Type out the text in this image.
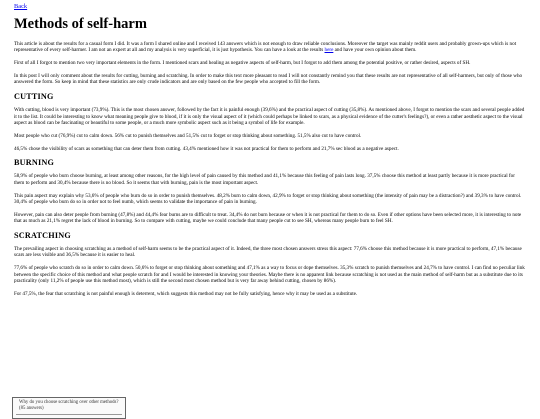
Back
Methods of self-harm

This article is about the results for a casual form I did. It was a form I shared online and I received 143 answers which is not enough to draw reliable conclusions. Moreover the target was mainly reddit users and probably grown-ups which is not representative of every self-harmer. I am not an expert at all and my analysis is very superficial, it is just hypothesis. You can have a look at the results here and have your own opinion about them.

First of all I forgot to mention two very important elements in the form. I mentioned scars and healing as negative aspects of self-harm, but I forgot to add them among the potential positive, or rather desired, aspects of SH.

In this post I will only comment about the results for cutting, burning and scratching. In order to make this text more pleasant to read I will not constantly remind you that these results are not representative of all self-harmers, but only of those who answered the form. So keep in mind that these statistics are only crude indicators and are only based on the few people who accepted to fill the form.

CUTTING

With cutting, blood is very important (73,9%). This is the most chosen answer, followed by the fact it is painful enough (39,6%) and the practical aspect of cutting (35,8%). As mentioned above, I forgot to mention the scars and several people added it to the list. It could be interesting to know what meaning people give to blood, if it is only the visual aspect of it (which could perhaps be linked to scars, as a physical evidence of the cutter's feelings?), or even a rather aesthetic aspect to the visual aspect as blood can be fascinating or beautiful to some people, or a much more symbolic aspect such as it being a symbol of life for example.

Most people who cut (76,9%) cut to calm down. 56% cut to punish themselves and 51,5% cut to forget or stop thinking about something. 51,5% also cut to have control.

46,5% chose the visibility of scars as something that can deter them from cutting. 43,4% mentioned how it was not practical for them to perform and 21,7% sec blood as a negative aspect.

BURNING

58,9% of people who burn choose burning, at least among other reasons, for the high level of pain caused by this method and 41,1% because this feeling of pain lasts long. 37,5% choose this method at least partly because it is more practical for them to perform and 30,4% because there is no blood. So it seems that with burning, pain is the most important aspect.

This pain aspect may explain why 53,6% of people who burn do so in order to punish themselves. 48,2% burn to calm down, 42,9% to forget or stop thinking about something (the intensity of pain may be a distraction?) and 39,3% to have control. 30,4% of people who burn do so in order not to feel numb, which seems to validate the importance of pain in burning.

However, pain can also deter people from burning (47,8%) and 44,4% fear burns are to difficult to treat. 34,4% do not burn because or when it is not practical for them to do so. Even if other options have been selected more, it is interesting to note that as much as 21,1% regret the lack of blood in burning. So to compare with cutting, maybe we could conclude that many people cut to see SH, whereas many people burn to feel SH.

SCRATCHING

The prevailing aspect in choosing scratching as a method of self-harm seems to be the practical aspect of it. Indeed, the three most chosen answers stress this aspect: 77,6% choose this method because it is more practical to perform, 47,1% because scars are less visible and 36,5% because it is easier to heal.

77,6% of people who scratch do so in order to calm down. 50,6% to forget or stop thinking about something and 47,1% as a way to focus or dope themselves. 35,3% scratch to punish themselves and 24,7% to have control. I can find no peculiar link between the specific choice of this method and what people scratch for and I would be interested in knowing your theories. Maybe there is no apparent link because scratching is not used as the main method of self-harm but as a substitute due to its practicality (only 11,2% of people use this method most), which is still the second most chosen method but is very far away behind cutting, chosen by 86%).

For 47,5%, the fear that scratching is not painful enough is deterrent, which suggests this method may not be fully satisfying, hence why it may be used as a substitute.

Why do you choose scratching over other methods? (85 answers)
